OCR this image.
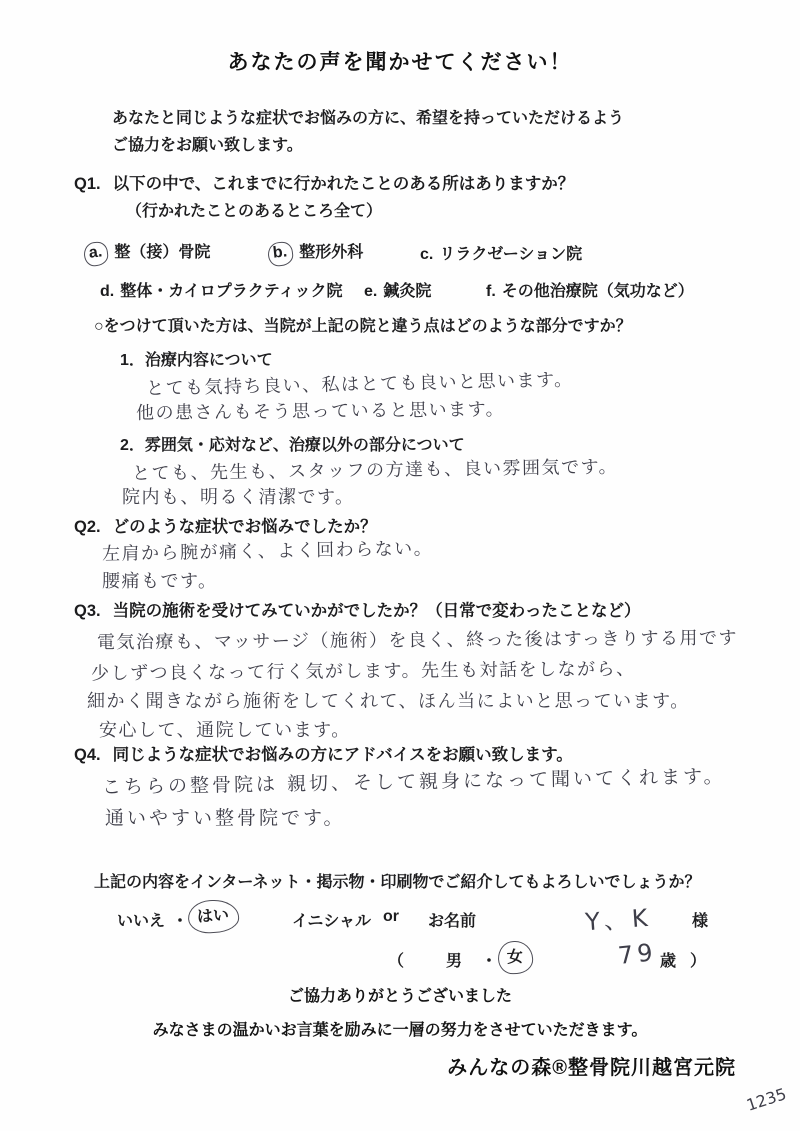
あなたの声を聞かせてください！
あなたと同じような症状でお悩みの方に、希望を持っていただけるよう
ご協力をお願い致します。
Q1. 以下の中で、これまでに行かれたことのある所はありますか？
（行かれたことのあるところ全て）
a. 整（接）骨院	b. 整形外科	c. リラクゼーション院
d. 整体・カイロプラクティック院 e. 鍼灸院	f. その他治療院（気功など）
○をつけて頂いた方は、当院が上記の院と違う点はどのような部分ですか？
1．治療内容について
とても気持ち良い、私はとても良いと思います。
他の患さんもそう思っていると思います。
2．雰囲気・応対など、治療以外の部分について
とても、先生も、スタッフの方達も、良い雰囲気です。
院内も、明るく清潔です。
Q2. どのような症状でお悩みでしたか？
左肩から腕が痛く、よく回わらない。
腰痛もです。
Q3. 当院の施術を受けてみていかがでしたか？（日常で変わったことなど）
電気治療も、マッサージ（施術）を良く、終った後はすっきりする用です
少しずつ良くなって行く気がします。先生も対話をしながら、
細かく聞きながら施術をしてくれて、ほん当によいと思っています。
安心して、通院しています。
Q4. 同じような症状でお悩みの方にアドバイスをお願い致します。
こちらの整骨院は 親切、そして親身になって聞いてくれます。
通いやすい整骨院です。
上記の内容をインターネット・掲示物・印刷物でご紹介してもよろしいでしょうか？
いいえ ・ はい	イニシャル or お名前	Y、K 様
（	男 ・ 女	79 歳 ）
ご協力ありがとうございました
みなさまの温かいお言葉を励みに一層の努力をさせていただきます。
みんなの森®整骨院川越宮元院
1235
